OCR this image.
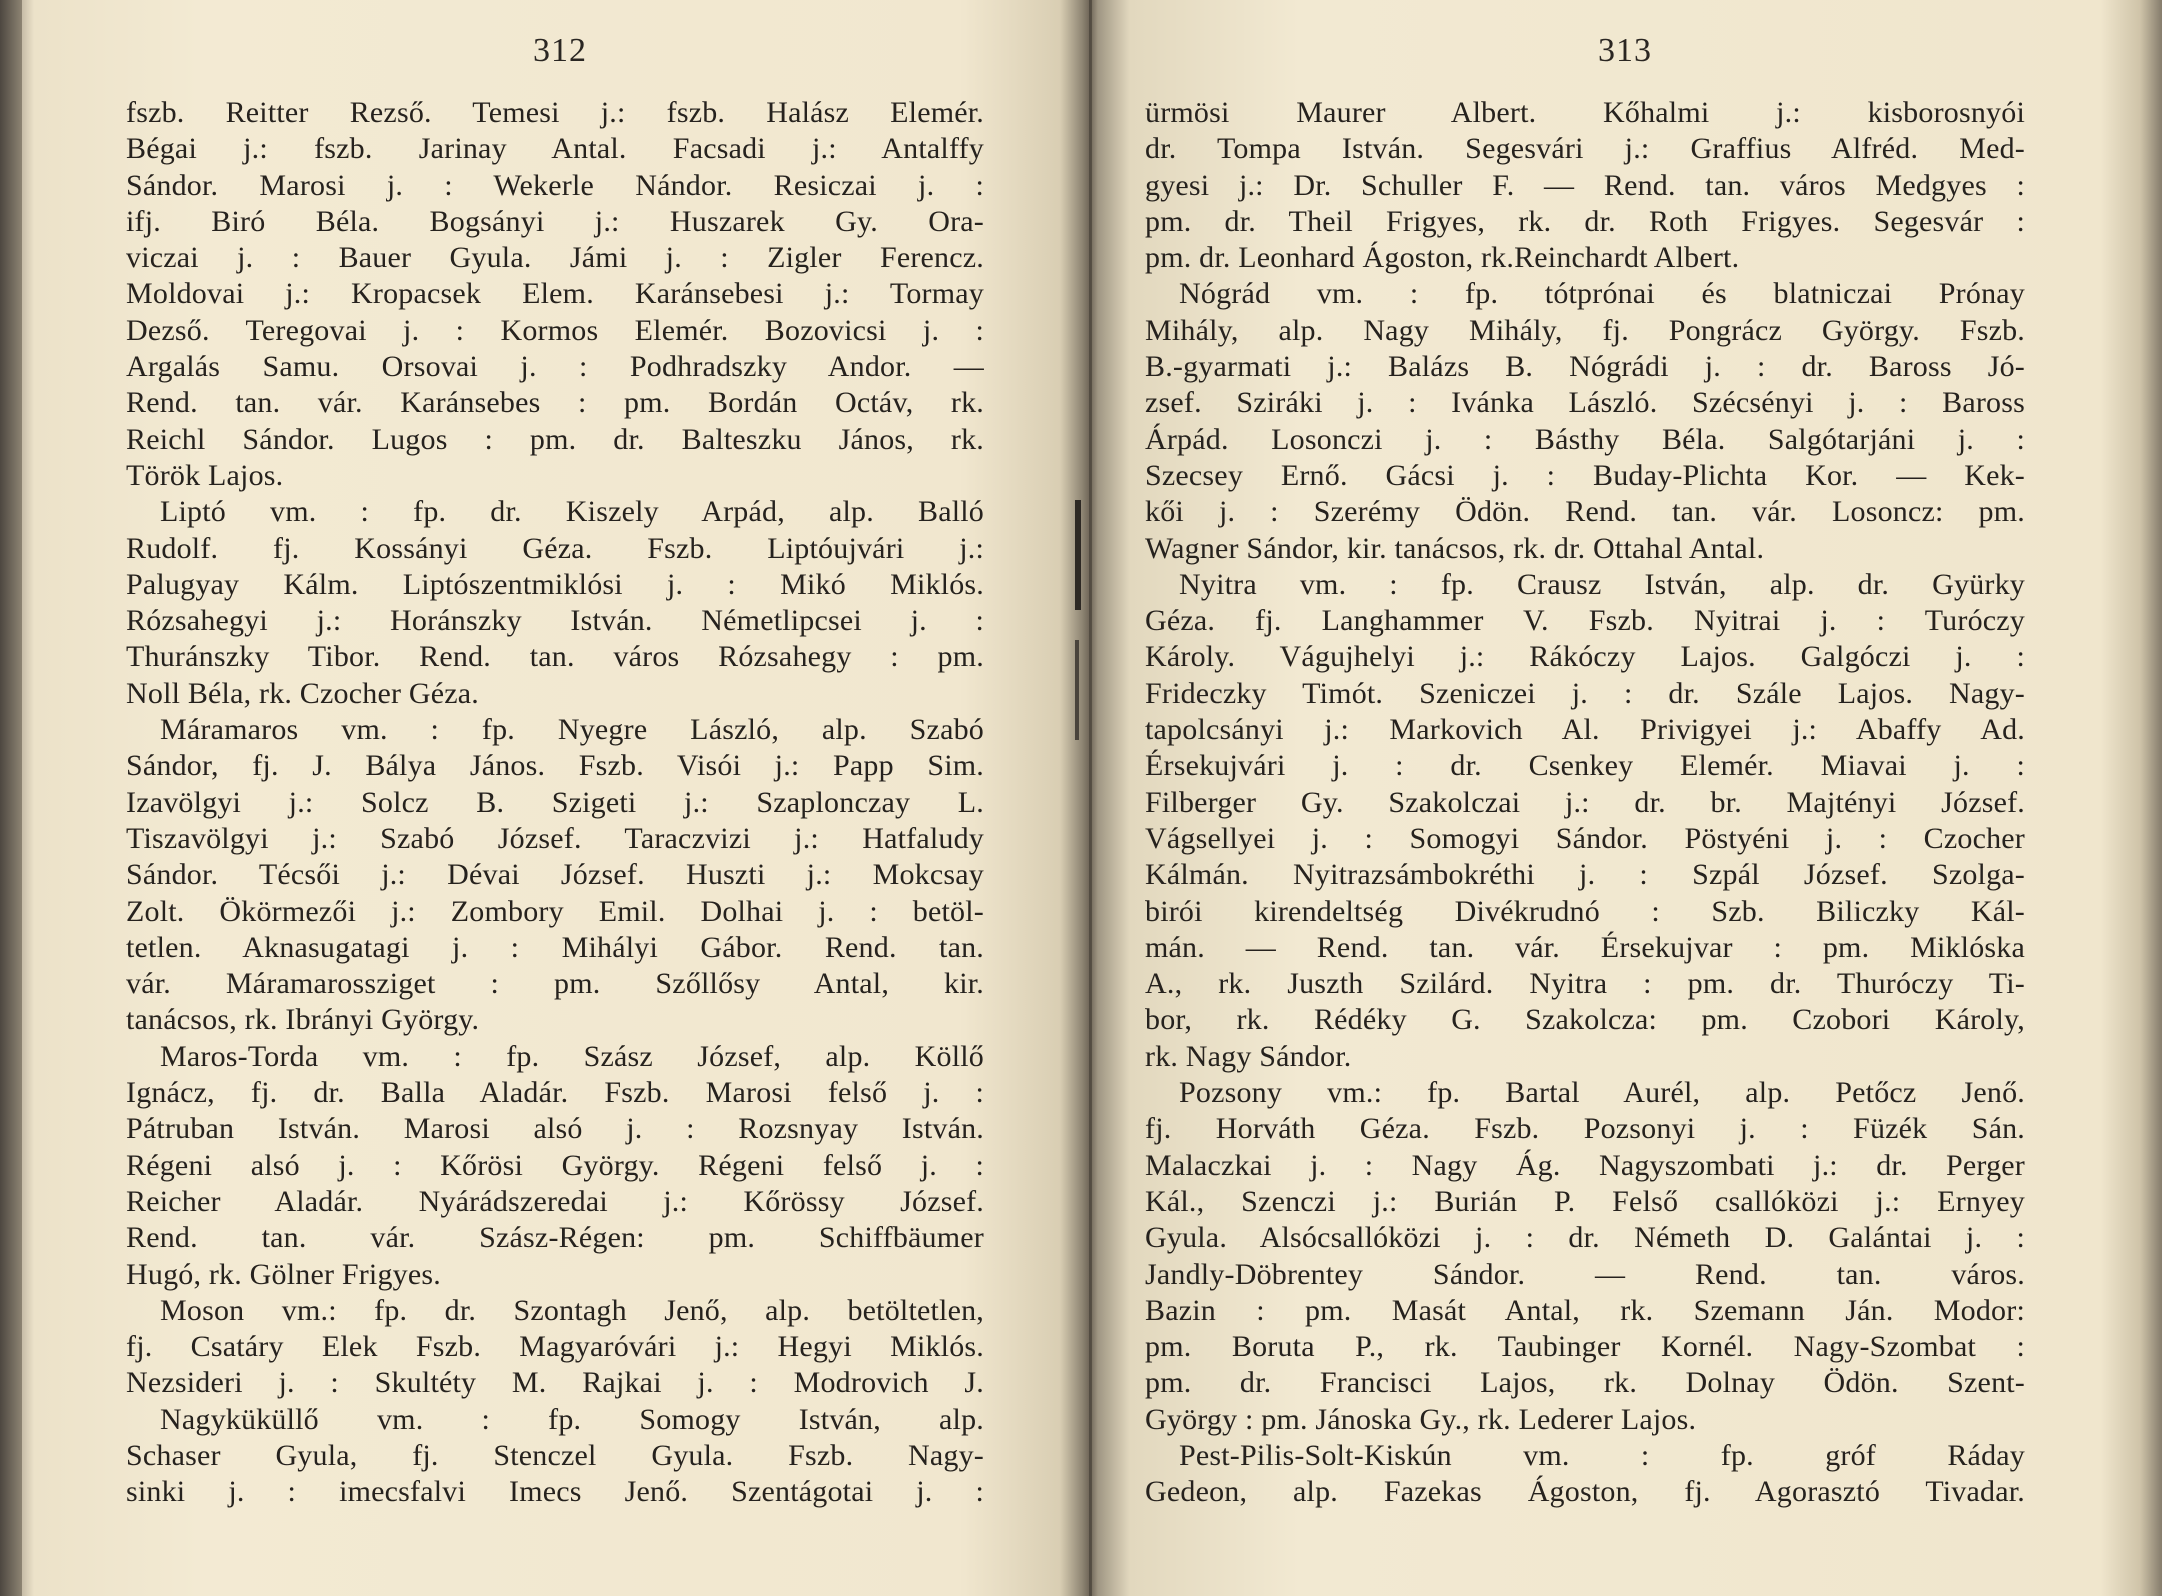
312
fszb. Reitter Rezső. Temesi j.: fszb. Halász Elemér.
Bégai j.: fszb. Jarinay Antal. Facsadi j.: Antalffy
Sándor. Marosi j. : Wekerle Nándor. Resiczai j. :
ifj. Biró Béla. Bogsányi j.: Huszarek Gy. Ora-
viczai j. : Bauer Gyula. Jámi j. : Zigler Ferencz.
Moldovai j.: Kropacsek Elem. Karánsebesi j.: Tormay
Dezső. Teregovai j. : Kormos Elemér. Bozovicsi j. :
Argalás Samu. Orsovai j. : Podhradszky Andor. —
Rend. tan. vár. Karánsebes : pm. Bordán Octáv, rk.
Reichl Sándor. Lugos : pm. dr. Balteszku János, rk.
Török Lajos.
Liptó vm. : fp. dr. Kiszely Arpád, alp. Balló
Rudolf. fj. Kossányi Géza. Fszb. Liptóujvári j.:
Palugyay Kálm. Liptószentmiklósi j. : Mikó Miklós.
Rózsahegyi j.: Horánszky István. Németlipcsei j. :
Thuránszky Tibor. Rend. tan. város Rózsahegy : pm.
Noll Béla, rk. Czocher Géza.
Máramaros vm. : fp. Nyegre László, alp. Szabó
Sándor, fj. J. Bálya János. Fszb. Visói j.: Papp Sim.
Izavölgyi j.: Solcz B. Szigeti j.: Szaplonczay L.
Tiszavölgyi j.: Szabó József. Taraczvizi j.: Hatfaludy
Sándor. Técsői j.: Dévai József. Huszti j.: Mokcsay
Zolt. Ökörmezői j.: Zombory Emil. Dolhai j. : betöl-
tetlen. Aknasugatagi j. : Mihályi Gábor. Rend. tan.
vár. Máramarossziget : pm. Szőllősy Antal, kir.
tanácsos, rk. Ibrányi György.
Maros-Torda vm. : fp. Szász József, alp. Köllő
Ignácz, fj. dr. Balla Aladár. Fszb. Marosi felső j. :
Pátruban István. Marosi alsó j. : Rozsnyay István.
Régeni alsó j. : Kőrösi György. Régeni felső j. :
Reicher Aladár. Nyárádszeredai j.: Kőrössy József.
Rend. tan. vár. Szász-Régen: pm. Schiffbäumer
Hugó, rk. Gölner Frigyes.
Moson vm.: fp. dr. Szontagh Jenő, alp. betöltetlen,
fj. Csatáry Elek Fszb. Magyaróvári j.: Hegyi Miklós.
Nezsideri j. : Skultéty M. Rajkai j. : Modrovich J.
Nagyküküllő vm. : fp. Somogy István, alp.
Schaser Gyula, fj. Stenczel Gyula. Fszb. Nagy-
sinki j. : imecsfalvi Imecs Jenő. Szentágotai j. :
313
ürmösi Maurer Albert. Kőhalmi j.: kisborosnyói
dr. Tompa István. Segesvári j.: Graffius Alfréd. Med-
gyesi j.: Dr. Schuller F. — Rend. tan. város Medgyes :
pm. dr. Theil Frigyes, rk. dr. Roth Frigyes. Segesvár :
pm. dr. Leonhard Ágoston, rk.Reinchardt Albert.
Nógrád vm. : fp. tótprónai és blatniczai Prónay
Mihály, alp. Nagy Mihály, fj. Pongrácz György. Fszb.
B.-gyarmati j.: Balázs B. Nógrádi j. : dr. Baross Jó-
zsef. Sziráki j. : Ivánka László. Szécsényi j. : Baross
Árpád. Losonczi j. : Básthy Béla. Salgótarjáni j. :
Szecsey Ernő. Gácsi j. : Buday-Plichta Kor. — Kek-
kői j. : Szerémy Ödön. Rend. tan. vár. Losoncz: pm.
Wagner Sándor, kir. tanácsos, rk. dr. Ottahal Antal.
Nyitra vm. : fp. Crausz István, alp. dr. Gyürky
Géza. fj. Langhammer V. Fszb. Nyitrai j. : Turóczy
Károly. Vágujhelyi j.: Rákóczy Lajos. Galgóczi j. :
Frideczky Timót. Szeniczei j. : dr. Szále Lajos. Nagy-
tapolcsányi j.: Markovich Al. Privigyei j.: Abaffy Ad.
Érsekujvári j. : dr. Csenkey Elemér. Miavai j. :
Filberger Gy. Szakolczai j.: dr. br. Majtényi József.
Vágsellyei j. : Somogyi Sándor. Pöstyéni j. : Czocher
Kálmán. Nyitrazsámbokréthi j. : Szpál József. Szolga-
birói kirendeltség Divékrudnó : Szb. Biliczky Kál-
mán. — Rend. tan. vár. Érsekujvar : pm. Miklóska
A., rk. Juszth Szilárd. Nyitra : pm. dr. Thuróczy Ti-
bor, rk. Rédéky G. Szakolcza: pm. Czobori Károly,
rk. Nagy Sándor.
Pozsony vm.: fp. Bartal Aurél, alp. Petőcz Jenő.
fj. Horváth Géza. Fszb. Pozsonyi j. : Füzék Sán.
Malaczkai j. : Nagy Ág. Nagyszombati j.: dr. Perger
Kál., Szenczi j.: Burián P. Felső csallóközi j.: Ernyey
Gyula. Alsócsallóközi j. : dr. Németh D. Galántai j. :
Jandly-Döbrentey Sándor. — Rend. tan. város.
Bazin : pm. Masát Antal, rk. Szemann Ján. Modor:
pm. Boruta P., rk. Taubinger Kornél. Nagy-Szombat :
pm. dr. Francisci Lajos, rk. Dolnay Ödön. Szent-
György : pm. Jánoska Gy., rk. Lederer Lajos.
Pest-Pilis-Solt-Kiskún vm. : fp. gróf Ráday
Gedeon, alp. Fazekas Ágoston, fj. Agorasztó Tivadar.
